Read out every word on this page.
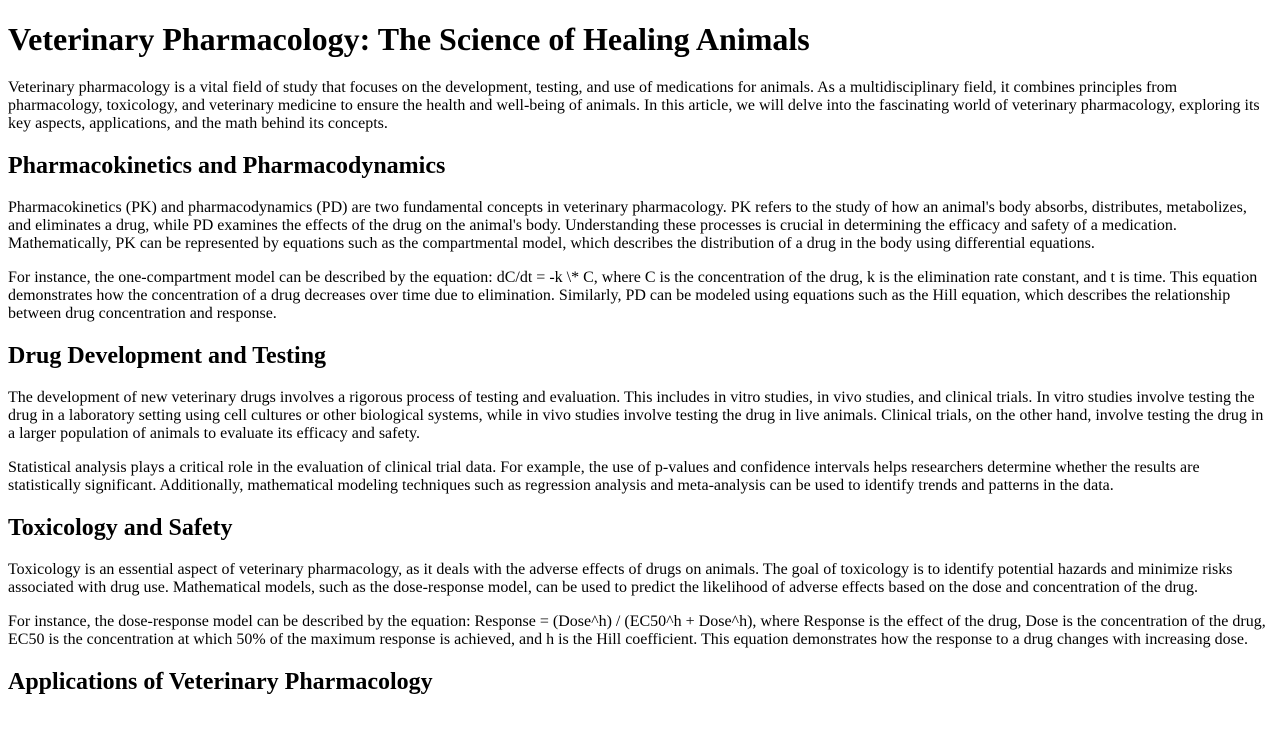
Veterinary Pharmacology: The Science of Healing Animals

Veterinary pharmacology is a vital field of study that focuses on the development, testing, and use of medications for animals. As a multidisciplinary field, it combines principles from pharmacology, toxicology, and veterinary medicine to ensure the health and well-being of animals. In this article, we will delve into the fascinating world of veterinary pharmacology, exploring its key aspects, applications, and the math behind its concepts.

Pharmacokinetics and Pharmacodynamics

Pharmacokinetics (PK) and pharmacodynamics (PD) are two fundamental concepts in veterinary pharmacology. PK refers to the study of how an animal's body absorbs, distributes, metabolizes, and eliminates a drug, while PD examines the effects of the drug on the animal's body. Understanding these processes is crucial in determining the efficacy and safety of a medication. Mathematically, PK can be represented by equations such as the compartmental model, which describes the distribution of a drug in the body using differential equations.

For instance, the one-compartment model can be described by the equation: dC/dt = -k \* C, where C is the concentration of the drug, k is the elimination rate constant, and t is time. This equation demonstrates how the concentration of a drug decreases over time due to elimination. Similarly, PD can be modeled using equations such as the Hill equation, which describes the relationship between drug concentration and response.

Drug Development and Testing

The development of new veterinary drugs involves a rigorous process of testing and evaluation. This includes in vitro studies, in vivo studies, and clinical trials. In vitro studies involve testing the drug in a laboratory setting using cell cultures or other biological systems, while in vivo studies involve testing the drug in live animals. Clinical trials, on the other hand, involve testing the drug in a larger population of animals to evaluate its efficacy and safety.

Statistical analysis plays a critical role in the evaluation of clinical trial data. For example, the use of p-values and confidence intervals helps researchers determine whether the results are statistically significant. Additionally, mathematical modeling techniques such as regression analysis and meta-analysis can be used to identify trends and patterns in the data.

Toxicology and Safety

Toxicology is an essential aspect of veterinary pharmacology, as it deals with the adverse effects of drugs on animals. The goal of toxicology is to identify potential hazards and minimize risks associated with drug use. Mathematical models, such as the dose-response model, can be used to predict the likelihood of adverse effects based on the dose and concentration of the drug.

For instance, the dose-response model can be described by the equation: Response = (Dose^h) / (EC50^h + Dose^h), where Response is the effect of the drug, Dose is the concentration of the drug, EC50 is the concentration at which 50% of the maximum response is achieved, and h is the Hill coefficient. This equation demonstrates how the response to a drug changes with increasing dose.

Applications of Veterinary Pharmacology
